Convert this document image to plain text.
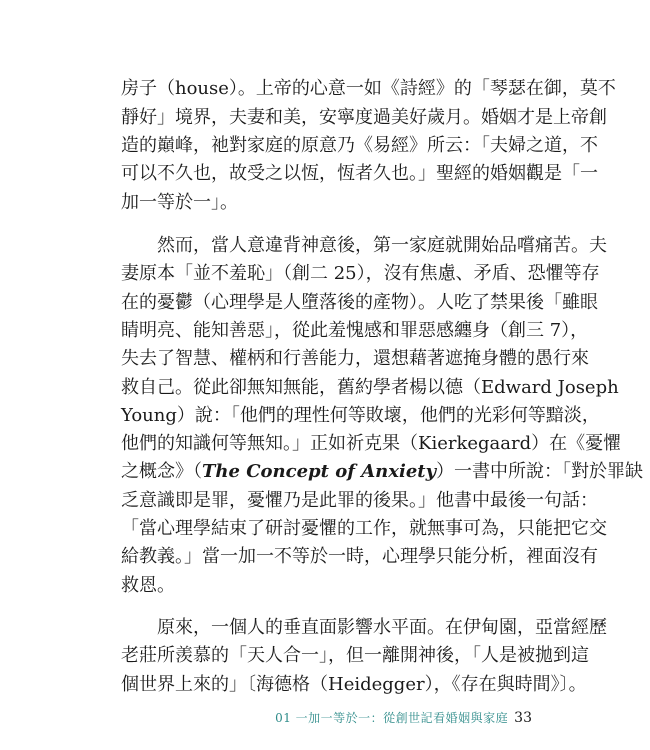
房子（house）。上帝的心意一如《詩經》的「琴瑟在御，莫不
靜好」境界，夫妻和美，安寧度過美好歲月。婚姻才是上帝創
造的巔峰，祂對家庭的原意乃《易經》所云：「夫婦之道，不
可以不久也，故受之以恆，恆者久也。」聖經的婚姻觀是「一
加一等於一」。
　　然而，當人意違背神意後，第一家庭就開始品嚐痛苦。夫
妻原本「並不羞恥」（創二 25），沒有焦慮、矛盾、恐懼等存
在的憂鬱（心理學是人墮落後的產物）。人吃了禁果後「雖眼
睛明亮、能知善惡」，從此羞愧感和罪惡感纏身（創三 7），
失去了智慧、權柄和行善能力，還想藉著遮掩身體的愚行來
救自己。從此卻無知無能，舊約學者楊以德（Edward Joseph
Young）說：「他們的理性何等敗壞，他們的光彩何等黯淡，
他們的知識何等無知。」正如祈克果（Kierkegaard）在《憂懼
之概念》（The Concept of Anxiety）一書中所說：「對於罪缺
乏意識即是罪，憂懼乃是此罪的後果。」他書中最後一句話：
「當心理學結束了研討憂懼的工作，就無事可為，只能把它交
給教義。」當一加一不等於一時，心理學只能分析，裡面沒有
救恩。
　　原來，一個人的垂直面影響水平面。在伊甸園，亞當經歷
老莊所羡慕的「天人合一」，但一離開神後，「人是被拋到這
個世界上來的」〔海德格（Heidegger），《存在與時間》〕。
01 一加一等於一：從創世記看婚姻與家庭 33
